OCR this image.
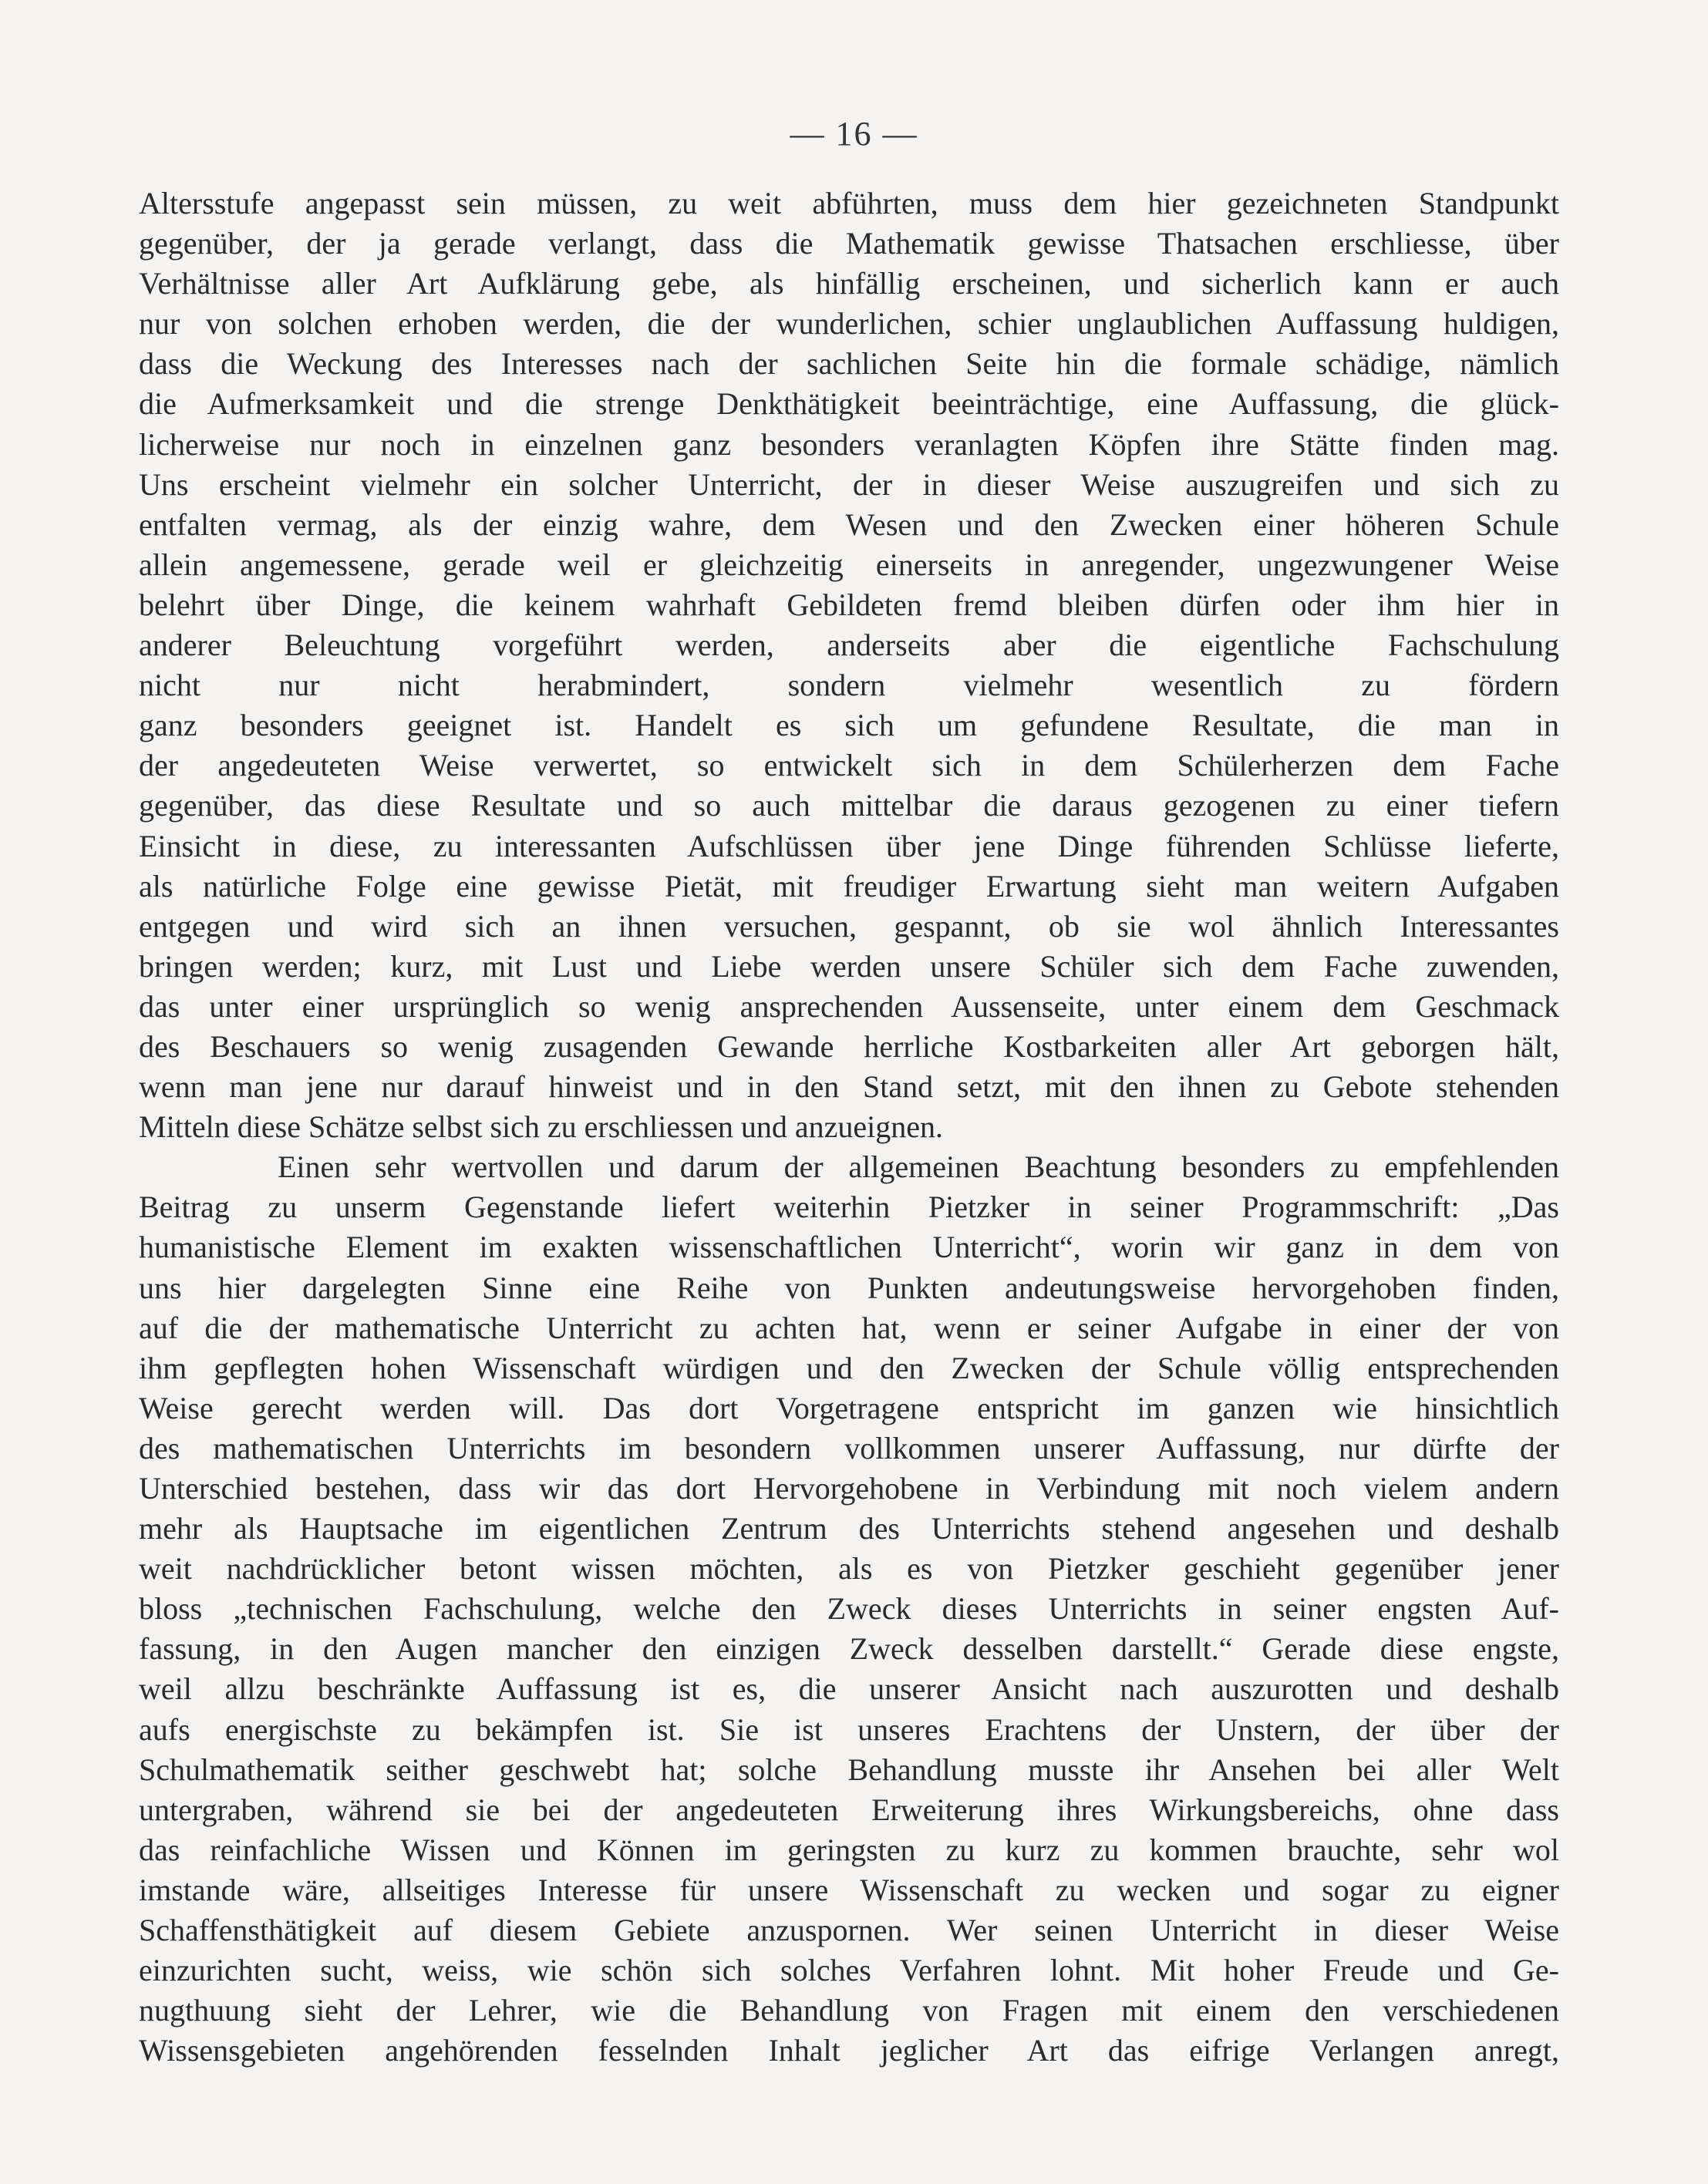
— 16 —
Altersstufe angepasst sein müssen, zu weit abführten, muss dem hier gezeichneten Standpunkt
gegenüber, der ja gerade verlangt, dass die Mathematik gewisse Thatsachen erschliesse, über
Verhältnisse aller Art Aufklärung gebe, als hinfällig erscheinen, und sicherlich kann er auch
nur von solchen erhoben werden, die der wunderlichen, schier unglaublichen Auffassung huldigen,
dass die Weckung des Interesses nach der sachlichen Seite hin die formale schädige, nämlich
die Aufmerksamkeit und die strenge Denkthätigkeit beeinträchtige, eine Auffassung, die glück-
licherweise nur noch in einzelnen ganz besonders veranlagten Köpfen ihre Stätte finden mag.
Uns erscheint vielmehr ein solcher Unterricht, der in dieser Weise auszugreifen und sich zu
entfalten vermag, als der einzig wahre, dem Wesen und den Zwecken einer höheren Schule
allein angemessene, gerade weil er gleichzeitig einerseits in anregender, ungezwungener Weise
belehrt über Dinge, die keinem wahrhaft Gebildeten fremd bleiben dürfen oder ihm hier in
anderer Beleuchtung vorgeführt werden, anderseits aber die eigentliche Fachschulung
nicht nur nicht herabmindert, sondern vielmehr wesentlich zu fördern
ganz besonders geeignet ist. Handelt es sich um gefundene Resultate, die man in
der angedeuteten Weise verwertet, so entwickelt sich in dem Schülerherzen dem Fache
gegenüber, das diese Resultate und so auch mittelbar die daraus gezogenen zu einer tiefern
Einsicht in diese, zu interessanten Aufschlüssen über jene Dinge führenden Schlüsse lieferte,
als natürliche Folge eine gewisse Pietät, mit freudiger Erwartung sieht man weitern Aufgaben
entgegen und wird sich an ihnen versuchen, gespannt, ob sie wol ähnlich Interessantes
bringen werden; kurz, mit Lust und Liebe werden unsere Schüler sich dem Fache zuwenden,
das unter einer ursprünglich so wenig ansprechenden Aussenseite, unter einem dem Geschmack
des Beschauers so wenig zusagenden Gewande herrliche Kostbarkeiten aller Art geborgen hält,
wenn man jene nur darauf hinweist und in den Stand setzt, mit den ihnen zu Gebote stehenden
Mitteln diese Schätze selbst sich zu erschliessen und anzueignen.
Einen sehr wertvollen und darum der allgemeinen Beachtung besonders zu empfehlenden
Beitrag zu unserm Gegenstande liefert weiterhin Pietzker in seiner Programmschrift: „Das
humanistische Element im exakten wissenschaftlichen Unterricht“, worin wir ganz in dem von
uns hier dargelegten Sinne eine Reihe von Punkten andeutungsweise hervorgehoben finden,
auf die der mathematische Unterricht zu achten hat, wenn er seiner Aufgabe in einer der von
ihm gepflegten hohen Wissenschaft würdigen und den Zwecken der Schule völlig entsprechenden
Weise gerecht werden will. Das dort Vorgetragene entspricht im ganzen wie hinsichtlich
des mathematischen Unterrichts im besondern vollkommen unserer Auffassung, nur dürfte der
Unterschied bestehen, dass wir das dort Hervorgehobene in Verbindung mit noch vielem andern
mehr als Hauptsache im eigentlichen Zentrum des Unterrichts stehend angesehen und deshalb
weit nachdrücklicher betont wissen möchten, als es von Pietzker geschieht gegenüber jener
bloss „technischen Fachschulung, welche den Zweck dieses Unterrichts in seiner engsten Auf-
fassung, in den Augen mancher den einzigen Zweck desselben darstellt.“ Gerade diese engste,
weil allzu beschränkte Auffassung ist es, die unserer Ansicht nach auszurotten und deshalb
aufs energischste zu bekämpfen ist. Sie ist unseres Erachtens der Unstern, der über der
Schulmathematik seither geschwebt hat; solche Behandlung musste ihr Ansehen bei aller Welt
untergraben, während sie bei der angedeuteten Erweiterung ihres Wirkungsbereichs, ohne dass
das reinfachliche Wissen und Können im geringsten zu kurz zu kommen brauchte, sehr wol
imstande wäre, allseitiges Interesse für unsere Wissenschaft zu wecken und sogar zu eigner
Schaffensthätigkeit auf diesem Gebiete anzuspornen. Wer seinen Unterricht in dieser Weise
einzurichten sucht, weiss, wie schön sich solches Verfahren lohnt. Mit hoher Freude und Ge-
nugthuung sieht der Lehrer, wie die Behandlung von Fragen mit einem den verschiedenen
Wissensgebieten angehörenden fesselnden Inhalt jeglicher Art das eifrige Verlangen anregt,
